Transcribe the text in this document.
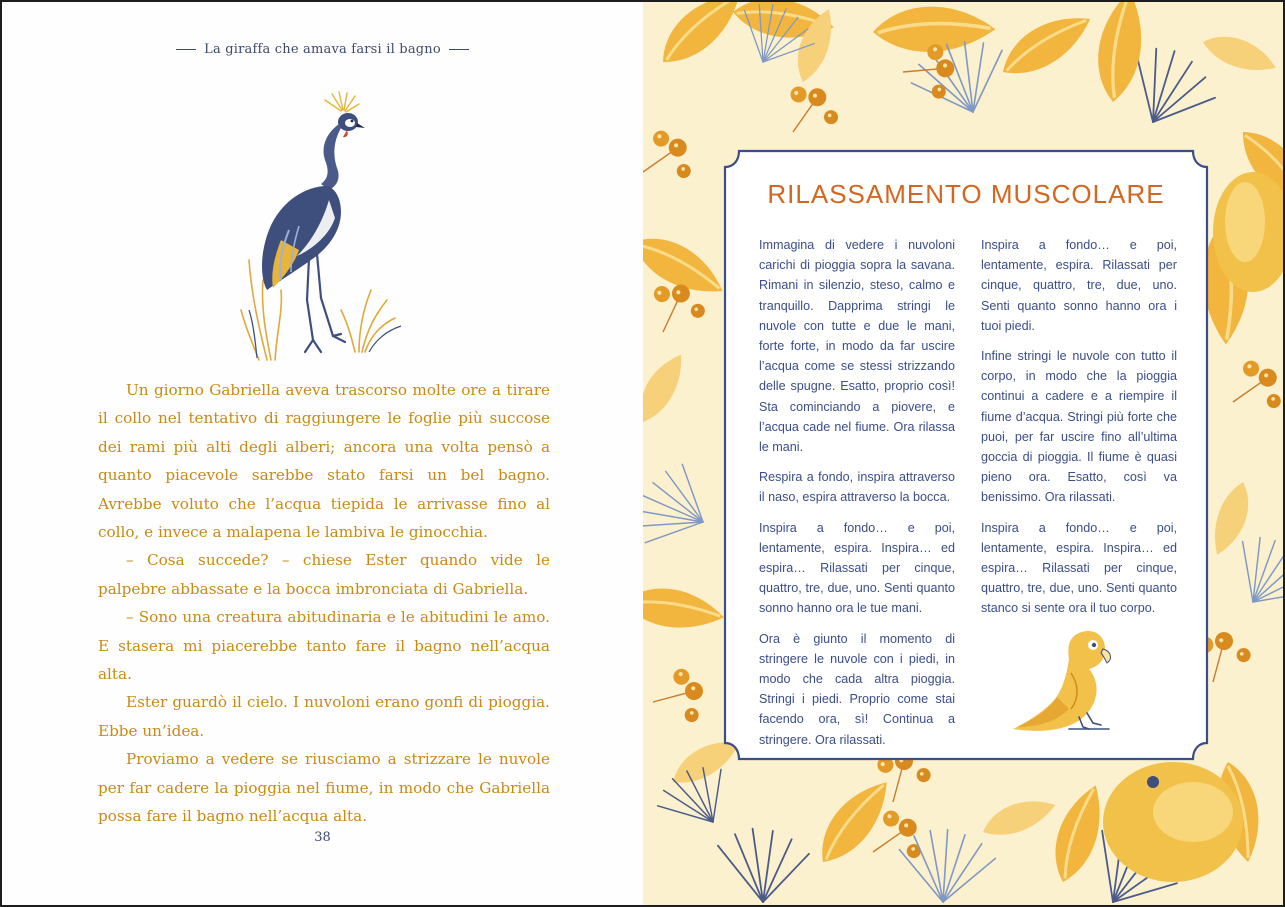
La giraffa che amava farsi il bagno

Un giorno Gabriella aveva trascorso molte ore a tirare il collo nel tentativo di raggiungere le foglie più succose dei rami più alti degli alberi; ancora una volta pensò a quanto piacevole sarebbe stato farsi un bel bagno. Avrebbe voluto che l’acqua tiepida le arrivasse fino al collo, e invece a malapena le lambiva le ginocchia.

– Cosa succede? – chiese Ester quando vide le palpebre abbassate e la bocca imbronciata di Gabriella.

– Sono una creatura abitudinaria e le abitudini le amo. E stasera mi piacerebbe tanto fare il bagno nell’acqua alta.

Ester guardò il cielo. I nuvoloni erano gonfi di pioggia. Ebbe un’idea.

Proviamo a vedere se riusciamo a strizzare le nuvole per far cadere la pioggia nel fiume, in modo che Gabriella possa fare il bagno nell’acqua alta.

38
RILASSAMENTO MUSCOLARE

Immagina di vedere i nuvoloni carichi di pioggia sopra la savana. Rimani in silenzio, steso, calmo e tranquillo. Dapprima stringi le nuvole con tutte e due le mani, forte forte, in modo da far uscire l’acqua come se stessi strizzando delle spugne. Esatto, proprio così! Sta cominciando a piovere, e l’acqua cade nel fiume. Ora rilassa le mani.

Respira a fondo, inspira attraverso il naso, espira attraverso la bocca.

Inspira a fondo… e poi, lentamente, espira. Inspira… ed espira… Rilassati per cinque, quattro, tre, due, uno. Senti quanto sonno hanno ora le tue mani.

Ora è giunto il momento di stringere le nuvole con i piedi, in modo che cada altra pioggia. Stringi i piedi. Proprio come stai facendo ora, sì! Continua a stringere. Ora rilassati.

Inspira a fondo… e poi, lentamente, espira. Rilassati per cinque, quattro, tre, due, uno. Senti quanto sonno hanno ora i tuoi piedi.

Infine stringi le nuvole con tutto il corpo, in modo che la pioggia continui a cadere e a riempire il fiume d’acqua. Stringi più forte che puoi, per far uscire fino all’ultima goccia di pioggia. Il fiume è quasi pieno ora. Esatto, così va benissimo. Ora rilassati.

Inspira a fondo… e poi, lentamente, espira. Inspira… ed espira… Rilassati per cinque, quattro, tre, due, uno. Senti quanto stanco si sente ora il tuo corpo.
